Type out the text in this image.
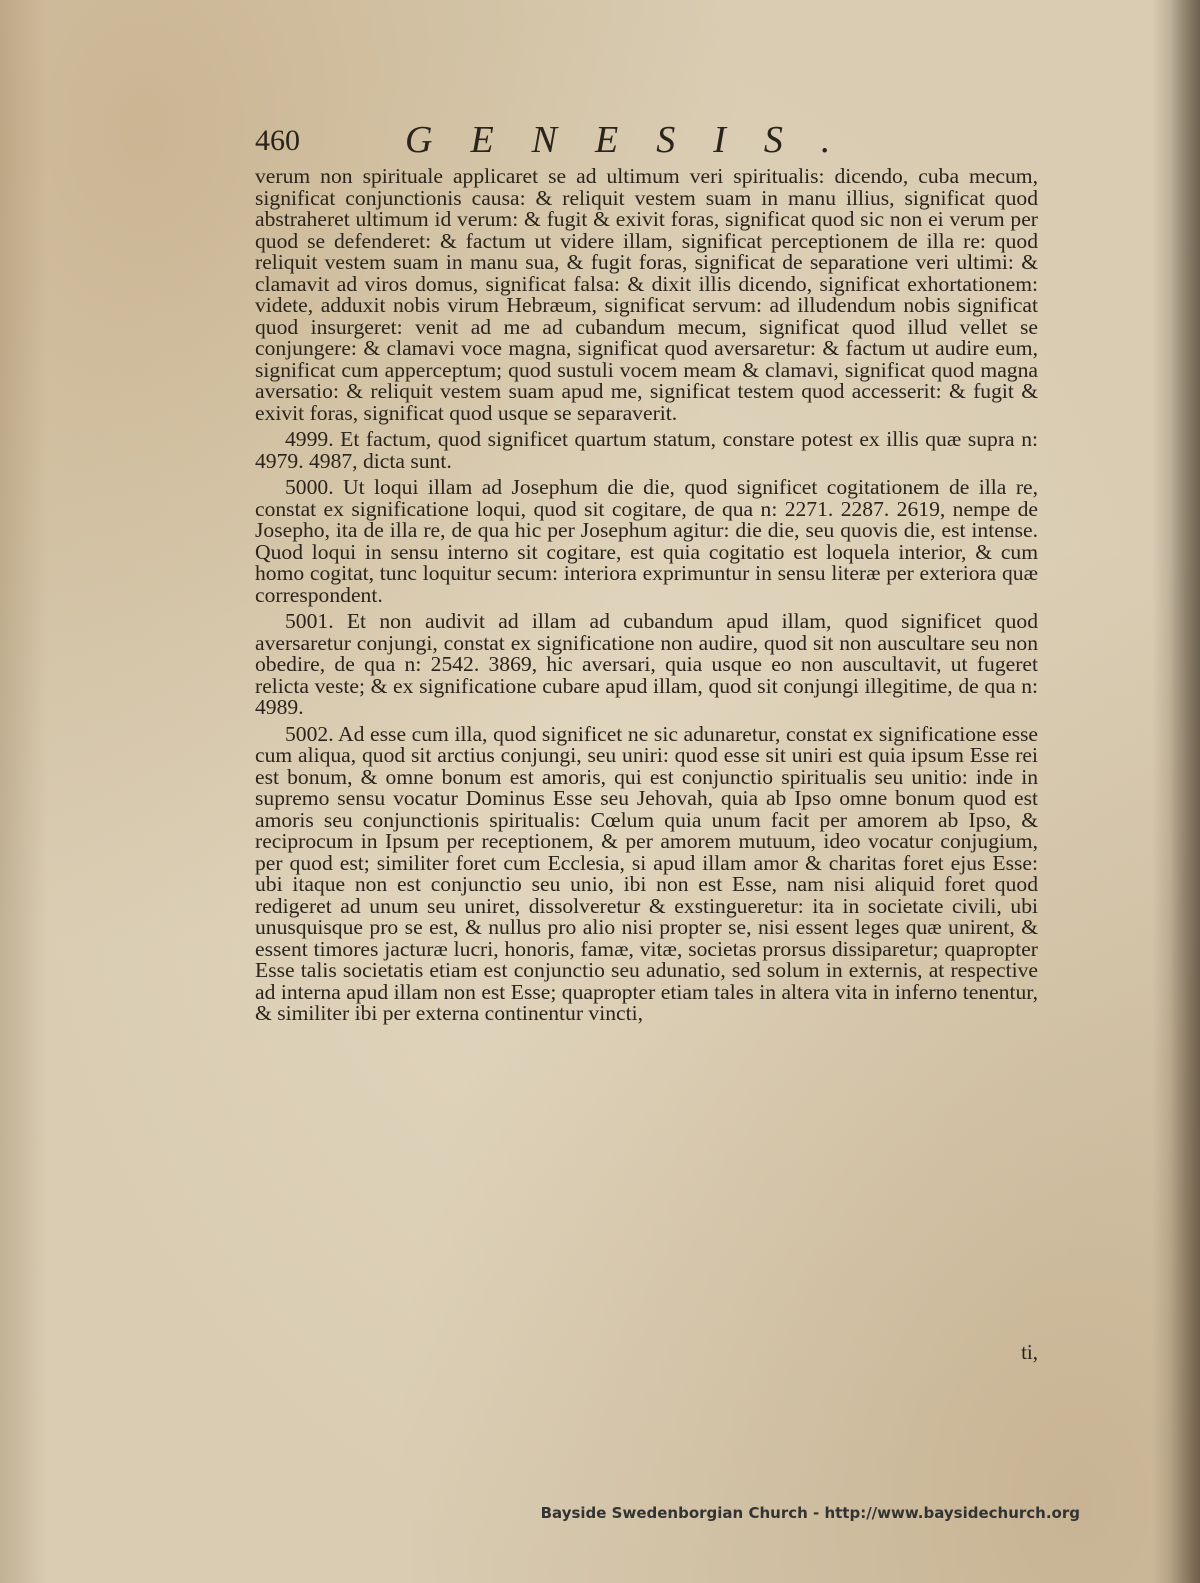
460	GENESIS.

verum non spirituale applicaret se ad ultimum veri spiritualis: dicendo, cuba mecum, significat conjunctionis causa: & reliquit vestem suam in manu illius, significat quod abstraheret ultimum id verum: & fugit & exivit foras, significat quod sic non ei verum per quod se defenderet: & factum ut videre illam, significat perceptionem de illa re: quod reliquit vestem suam in manu sua, & fugit foras, significat de separatione veri ultimi: & clamavit ad viros domus, significat falsa: & dixit illis dicendo, significat exhortationem: videte, adduxit nobis virum Hebræum, significat servum: ad illudendum nobis significat quod insurgeret: venit ad me ad cubandum mecum, significat quod illud vellet se conjungere: & clamavi voce magna, significat quod aversaretur: & factum ut audire eum, significat cum apperceptum; quod sustuli vocem meam & clamavi, significat quod magna aversatio: & reliquit vestem suam apud me, significat testem quod accesserit: & fugit & exivit foras, significat quod usque se separaverit.

4999. Et factum, quod significet quartum statum, constare potest ex illis quæ supra n: 4979. 4987, dicta sunt.

5000. Ut loqui illam ad Josephum die die, quod significet cogitationem de illa re, constat ex significatione loqui, quod sit cogitare, de qua n: 2271. 2287. 2619, nempe de Josepho, ita de illa re, de qua hic per Josephum agitur: die die, seu quovis die, est intense. Quod loqui in sensu interno sit cogitare, est quia cogitatio est loquela interior, & cum homo cogitat, tunc loquitur secum: interiora exprimuntur in sensu literæ per exteriora quæ correspondent.

5001. Et non audivit ad illam ad cubandum apud illam, quod significet quod aversaretur conjungi, constat ex significatione non audire, quod sit non auscultare seu non obedire, de qua n: 2542. 3869, hic aversari, quia usque eo non auscultavit, ut fugeret relicta veste; & ex significatione cubare apud illam, quod sit conjungi illegitime, de qua n: 4989.

5002. Ad esse cum illa, quod significet ne sic adunaretur, constat ex significatione esse cum aliqua, quod sit arctius conjungi, seu uniri: quod esse sit uniri est quia ipsum Esse rei est bonum, & omne bonum est amoris, qui est conjunctio spiritualis seu unitio: inde in supremo sensu vocatur Dominus Esse seu Jehovah, quia ab Ipso omne bonum quod est amoris seu conjunctionis spiritualis: Cœlum quia unum facit per amorem ab Ipso, & reciprocum in Ipsum per receptionem, & per amorem mutuum, ideo vocatur conjugium, per quod est; similiter foret cum Ecclesia, si apud illam amor & charitas foret ejus Esse: ubi itaque non est conjunctio seu unio, ibi non est Esse, nam nisi aliquid foret quod redigeret ad unum seu uniret, dissolveretur & exstingueretur: ita in societate civili, ubi unusquisque pro se est, & nullus pro alio nisi propter se, nisi essent leges quæ unirent, & essent timores jacturæ lucri, honoris, famæ, vitæ, societas prorsus dissiparetur; quapropter Esse talis societatis etiam est conjunctio seu adunatio, sed solum in externis, at respective ad interna apud illam non est Esse; quapropter etiam tales in altera vita in inferno tenentur, & similiter ibi per externa continentur vincti,

ti,
Bayside Swedenborgian Church - http://www.baysidechurch.org
